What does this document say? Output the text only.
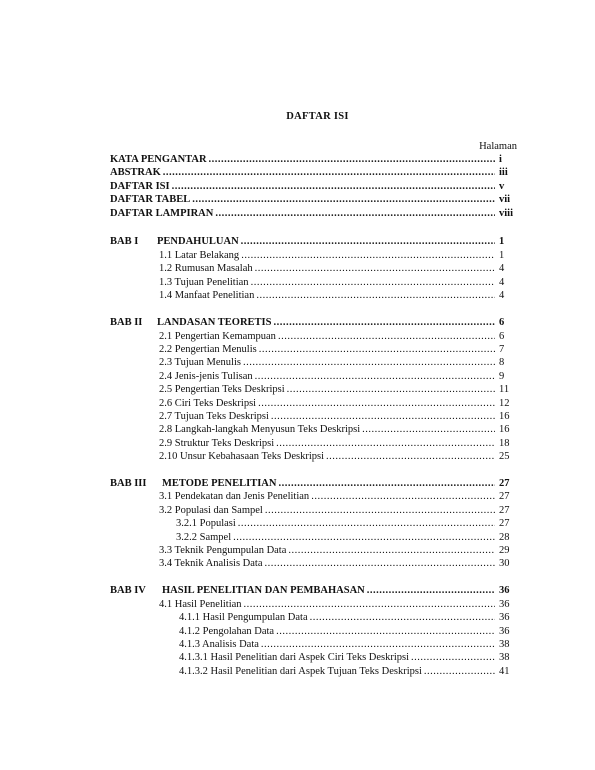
DAFTAR ISI
Halaman
KATA PENGANTAR .....	i
ABSTRAK .....	iii
DAFTAR ISI .....	v
DAFTAR TABEL .....	vii
DAFTAR LAMPIRAN .....	viii
BAB I PENDAHULUAN .....	1
1.1 Latar Belakang .....	1
1.2 Rumusan Masalah .....	4
1.3 Tujuan Penelitian .....	4
1.4 Manfaat Penelitian .....	4
BAB II LANDASAN TEORETIS .....	6
2.1 Pengertian Kemampuan .....	6
2.2 Pengertian Menulis .....	7
2.3 Tujuan Menulis .....	8
2.4 Jenis-jenis Tulisan .....	9
2.5 Pengertian Teks Deskripsi .....	11
2.6 Ciri Teks Deskripsi .....	12
2.7 Tujuan Teks Deskripsi .....	16
2.8 Langkah-langkah Menyusun Teks Deskripsi .....	16
2.9 Struktur Teks Deskripsi .....	18
2.10 Unsur Kebahasaan Teks Deskripsi .....	25
BAB III METODE PENELITIAN .....	27
3.1 Pendekatan dan Jenis Penelitian .....	27
3.2 Populasi dan Sampel .....	27
3.2.1 Populasi .....	27
3.2.2 Sampel .....	28
3.3 Teknik Pengumpulan Data .....	29
3.4 Teknik Analisis Data .....	30
BAB IV HASIL PENELITIAN DAN PEMBAHASAN .....	36
4.1 Hasil Penelitian .....	36
4.1.1 Hasil Pengumpulan Data .....	36
4.1.2 Pengolahan Data .....	36
4.1.3 Analisis Data .....	38
4.1.3.1 Hasil Penelitian dari Aspek Ciri Teks Deskripsi .....	38
4.1.3.2 Hasil Penelitian dari Aspek Tujuan Teks Deskripsi .....	41
